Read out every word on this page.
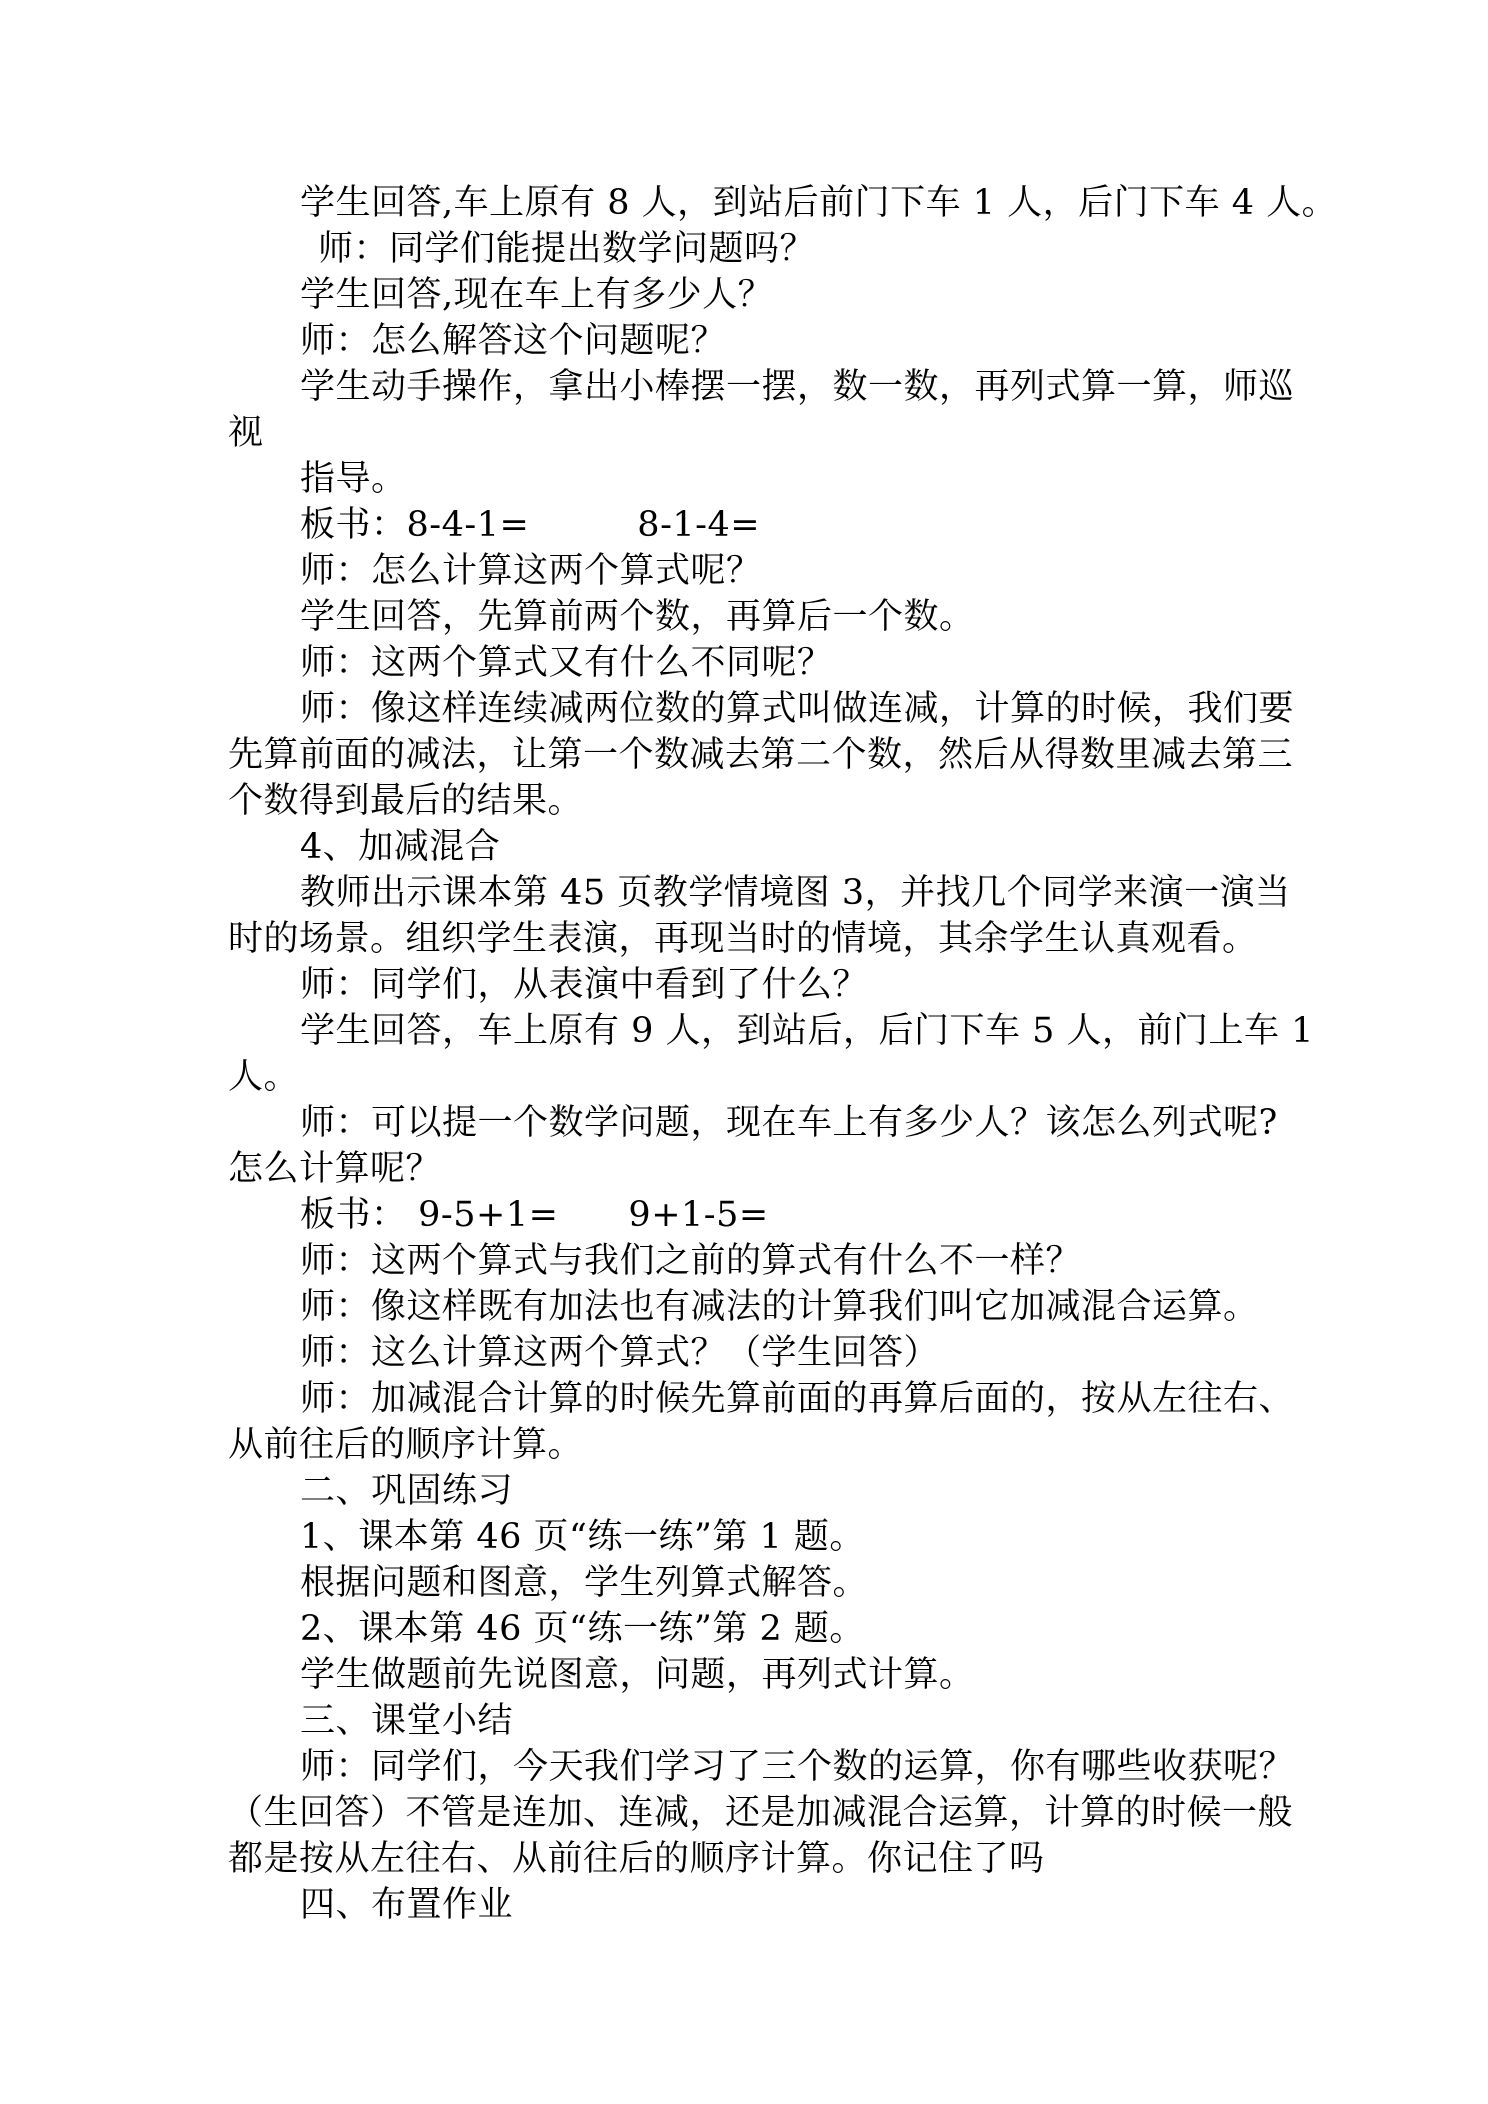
学生回答,车上原有 8 人，到站后前门下车 1 人，后门下车 4 人。
师：同学们能提出数学问题吗？
学生回答,现在车上有多少人？
师：怎么解答这个问题呢？
学生动手操作，拿出小棒摆一摆，数一数，再列式算一算，师巡
视
指导。
板书：8-4-1=	8-1-4=
师：怎么计算这两个算式呢？
学生回答，先算前两个数，再算后一个数。
师：这两个算式又有什么不同呢？
师：像这样连续减两位数的算式叫做连减，计算的时候，我们要
先算前面的减法，让第一个数减去第二个数，然后从得数里减去第三
个数得到最后的结果。
4、加减混合
教师出示课本第 45 页教学情境图 3，并找几个同学来演一演当
时的场景。组织学生表演，再现当时的情境，其余学生认真观看。
师：同学们，从表演中看到了什么？
学生回答，车上原有 9 人，到站后，后门下车 5 人，前门上车 1
人。
师：可以提一个数学问题，现在车上有多少人？该怎么列式呢?
怎么计算呢？
板书： 9-5+1= 9+1-5=
师：这两个算式与我们之前的算式有什么不一样？
师：像这样既有加法也有减法的计算我们叫它加减混合运算。
师：这么计算这两个算式？（学生回答）
师：加减混合计算的时候先算前面的再算后面的，按从左往右、
从前往后的顺序计算。
二、巩固练习
1、课本第 46 页“练一练”第 1 题。
根据问题和图意，学生列算式解答。
2、课本第 46 页“练一练”第 2 题。
学生做题前先说图意，问题，再列式计算。
三、课堂小结
师：同学们，今天我们学习了三个数的运算，你有哪些收获呢？
（生回答）不管是连加、连减，还是加减混合运算，计算的时候一般
都是按从左往右、从前往后的顺序计算。你记住了吗
四、布置作业
